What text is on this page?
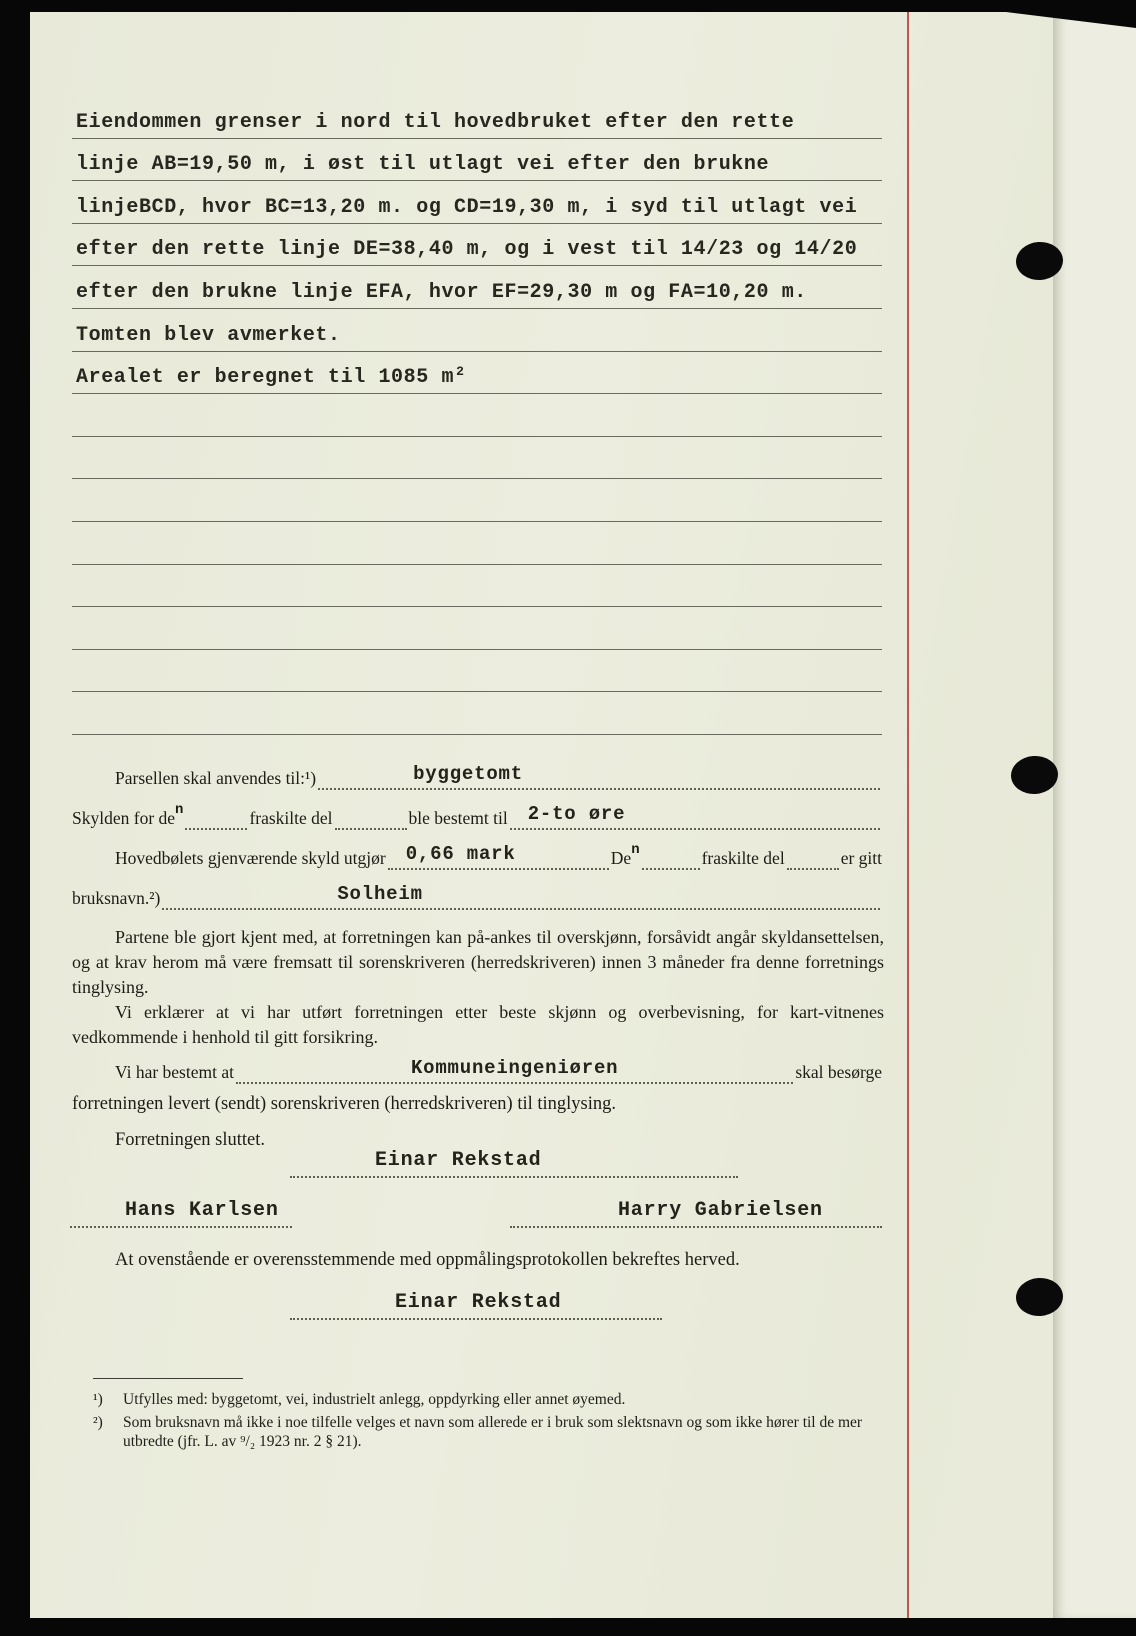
Eiendommen grenser i nord til hovedbruket efter den rette
linje AB=19,50 m, i øst til utlagt vei efter den brukne
linjeBCD, hvor BC=13,20 m. og CD=19,30 m, i syd til utlagt vei
efter den rette linje DE=38,40 m, og i vest til 14/23 og 14/20
efter den brukne linje EFA, hvor EF=29,30 m og FA=10,20 m.
Tomten blev avmerket.
Arealet er beregnet til 1085 m 2
Parsellen skal anvendes til:¹)	byggetomt
Skylden for de n	fraskilte del	ble bestemt til 2-to øre
Hovedbølets gjenværende skyld utgjør 0,66 mark	De n	fraskilte del	er gitt
bruksnavn.²)	Solheim

Partene ble gjort kjent med, at forretningen kan på-ankes til overskjønn, forsåvidt angår skyldansettelsen, og at krav herom må være fremsatt til sorenskriveren (herredskriveren) innen 3 måneder fra denne forretnings tinglysing.

Vi erklærer at vi har utført forretningen etter beste skjønn og overbevisning, for kart-vitnenes vedkommende i henhold til gitt forsikring.

Vi har bestemt at	Kommuneingeniøren	skal besørge
forretningen levert (sendt) sorenskriveren (herredskriveren) til tinglysing.
Forretningen sluttet.
Einar Rekstad
Hans Karlsen	Harry Gabrielsen
At ovenstående er overensstemmende med oppmålingsprotokollen bekreftes herved.
Einar Rekstad
¹)	Utfylles med: byggetomt, vei, industrielt anlegg, oppdyrking eller annet øyemed.
²)	Som bruksnavn må ikke i noe tilfelle velges et navn som allerede er i bruk som slektsnavn og som ikke hører til de mer utbredte (jfr. L. av ⁹/₂ 1923 nr. 2 § 21).
